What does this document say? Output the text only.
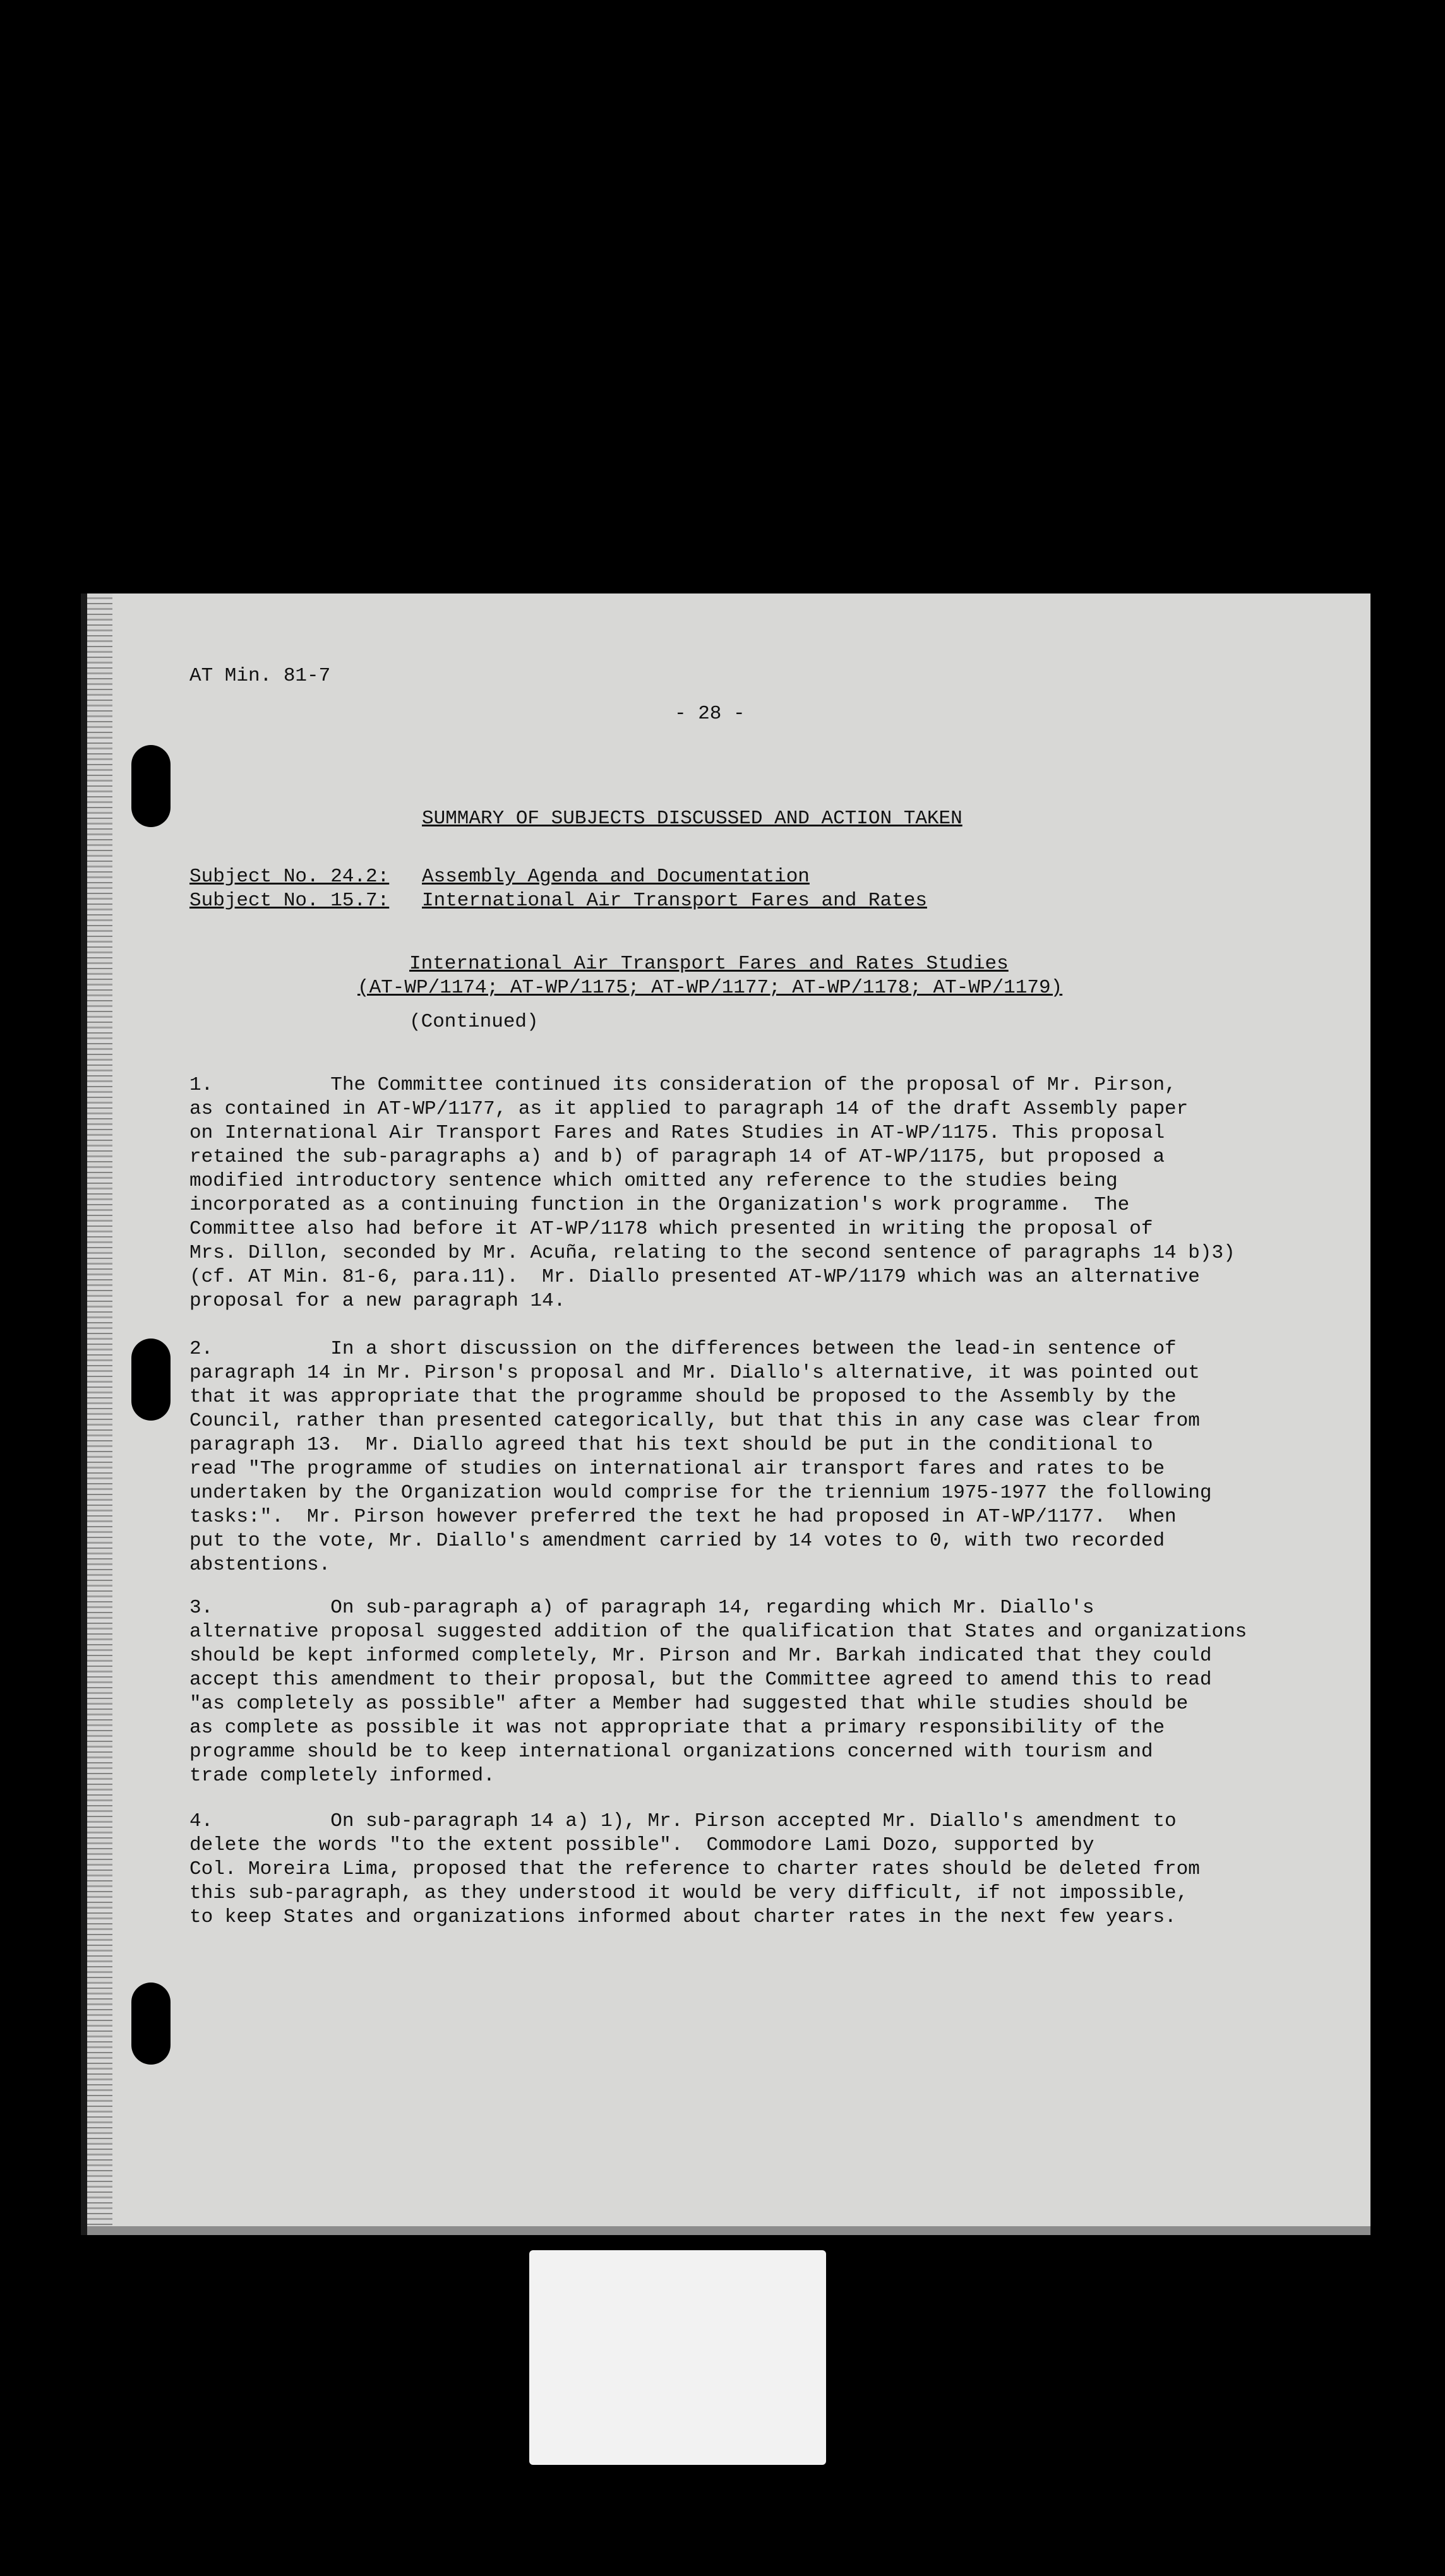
AT Min. 81-7
- 28 -
SUMMARY OF SUBJECTS DISCUSSED AND ACTION TAKEN
Subject No. 24.2: Assembly Agenda and Documentation
Subject No. 15.7: International Air Transport Fares and Rates
International Air Transport Fares and Rates Studies
(AT-WP/1174; AT-WP/1175; AT-WP/1177; AT-WP/1178; AT-WP/1179)
(Continued)
1.          The Committee continued its consideration of the proposal of Mr. Pirson,
as contained in AT-WP/1177, as it applied to paragraph 14 of the draft Assembly paper
on International Air Transport Fares and Rates Studies in AT-WP/1175. This proposal
retained the sub-paragraphs a) and b) of paragraph 14 of AT-WP/1175, but proposed a
modified introductory sentence which omitted any reference to the studies being
incorporated as a continuing function in the Organization's work programme.  The
Committee also had before it AT-WP/1178 which presented in writing the proposal of
Mrs. Dillon, seconded by Mr. Acuña, relating to the second sentence of paragraphs 14 b)3)
(cf. AT Min. 81-6, para.11).  Mr. Diallo presented AT-WP/1179 which was an alternative
proposal for a new paragraph 14.
2.          In a short discussion on the differences between the lead-in sentence of
paragraph 14 in Mr. Pirson's proposal and Mr. Diallo's alternative, it was pointed out
that it was appropriate that the programme should be proposed to the Assembly by the
Council, rather than presented categorically, but that this in any case was clear from
paragraph 13.  Mr. Diallo agreed that his text should be put in the conditional to
read "The programme of studies on international air transport fares and rates to be
undertaken by the Organization would comprise for the triennium 1975-1977 the following
tasks:".  Mr. Pirson however preferred the text he had proposed in AT-WP/1177.  When
put to the vote, Mr. Diallo's amendment carried by 14 votes to 0, with two recorded
abstentions.
3.          On sub-paragraph a) of paragraph 14, regarding which Mr. Diallo's
alternative proposal suggested addition of the qualification that States and organizations
should be kept informed completely, Mr. Pirson and Mr. Barkah indicated that they could
accept this amendment to their proposal, but the Committee agreed to amend this to read
"as completely as possible" after a Member had suggested that while studies should be
as complete as possible it was not appropriate that a primary responsibility of the
programme should be to keep international organizations concerned with tourism and
trade completely informed.
4.          On sub-paragraph 14 a) 1), Mr. Pirson accepted Mr. Diallo's amendment to
delete the words "to the extent possible".  Commodore Lami Dozo, supported by
Col. Moreira Lima, proposed that the reference to charter rates should be deleted from
this sub-paragraph, as they understood it would be very difficult, if not impossible,
to keep States and organizations informed about charter rates in the next few years.
